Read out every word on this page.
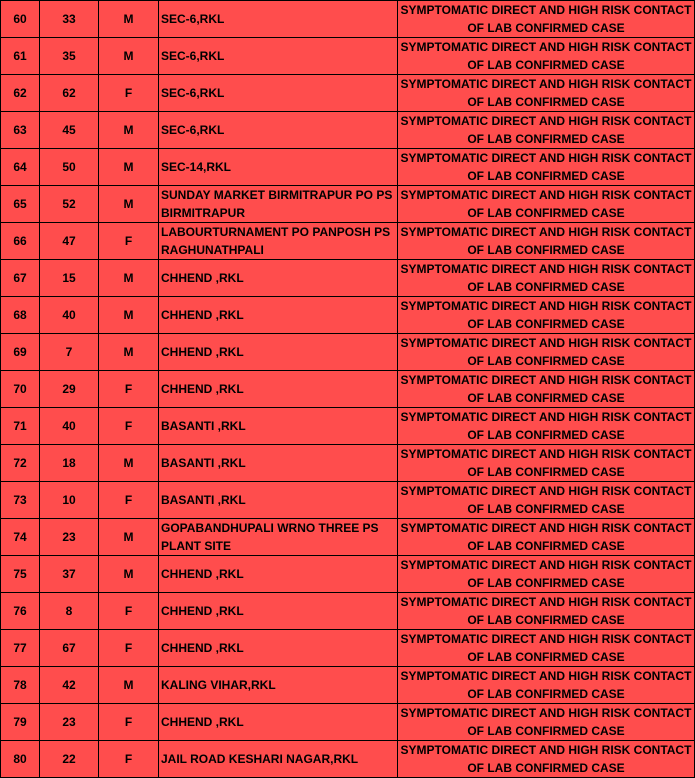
60	33	M	SEC-6,RKL	SYMPTOMATIC DIRECT AND HIGH RISK CONTACT OF LAB CONFIRMED CASE
61	35	M	SEC-6,RKL	SYMPTOMATIC DIRECT AND HIGH RISK CONTACT OF LAB CONFIRMED CASE
62	62	F	SEC-6,RKL	SYMPTOMATIC DIRECT AND HIGH RISK CONTACT OF LAB CONFIRMED CASE
63	45	M	SEC-6,RKL	SYMPTOMATIC DIRECT AND HIGH RISK CONTACT OF LAB CONFIRMED CASE
64	50	M	SEC-14,RKL	SYMPTOMATIC DIRECT AND HIGH RISK CONTACT OF LAB CONFIRMED CASE
65	52	M	SUNDAY MARKET BIRMITRAPUR PO PS BIRMITRAPUR	SYMPTOMATIC DIRECT AND HIGH RISK CONTACT OF LAB CONFIRMED CASE
66	47	F	LABOURTURNAMENT PO PANPOSH PS RAGHUNATHPALI	SYMPTOMATIC DIRECT AND HIGH RISK CONTACT OF LAB CONFIRMED CASE
67	15	M	CHHEND ,RKL	SYMPTOMATIC DIRECT AND HIGH RISK CONTACT OF LAB CONFIRMED CASE
68	40	M	CHHEND ,RKL	SYMPTOMATIC DIRECT AND HIGH RISK CONTACT OF LAB CONFIRMED CASE
69	7	M	CHHEND ,RKL	SYMPTOMATIC DIRECT AND HIGH RISK CONTACT OF LAB CONFIRMED CASE
70	29	F	CHHEND ,RKL	SYMPTOMATIC DIRECT AND HIGH RISK CONTACT OF LAB CONFIRMED CASE
71	40	F	BASANTI ,RKL	SYMPTOMATIC DIRECT AND HIGH RISK CONTACT OF LAB CONFIRMED CASE
72	18	M	BASANTI ,RKL	SYMPTOMATIC DIRECT AND HIGH RISK CONTACT OF LAB CONFIRMED CASE
73	10	F	BASANTI ,RKL	SYMPTOMATIC DIRECT AND HIGH RISK CONTACT OF LAB CONFIRMED CASE
74	23	M	GOPABANDHUPALI WRNO THREE PS PLANT SITE	SYMPTOMATIC DIRECT AND HIGH RISK CONTACT OF LAB CONFIRMED CASE
75	37	M	CHHEND ,RKL	SYMPTOMATIC DIRECT AND HIGH RISK CONTACT OF LAB CONFIRMED CASE
76	8	F	CHHEND ,RKL	SYMPTOMATIC DIRECT AND HIGH RISK CONTACT OF LAB CONFIRMED CASE
77	67	F	CHHEND ,RKL	SYMPTOMATIC DIRECT AND HIGH RISK CONTACT OF LAB CONFIRMED CASE
78	42	M	KALING VIHAR,RKL	SYMPTOMATIC DIRECT AND HIGH RISK CONTACT OF LAB CONFIRMED CASE
79	23	F	CHHEND ,RKL	SYMPTOMATIC DIRECT AND HIGH RISK CONTACT OF LAB CONFIRMED CASE
80	22	F	JAIL ROAD KESHARI NAGAR,RKL	SYMPTOMATIC DIRECT AND HIGH RISK CONTACT OF LAB CONFIRMED CASE
